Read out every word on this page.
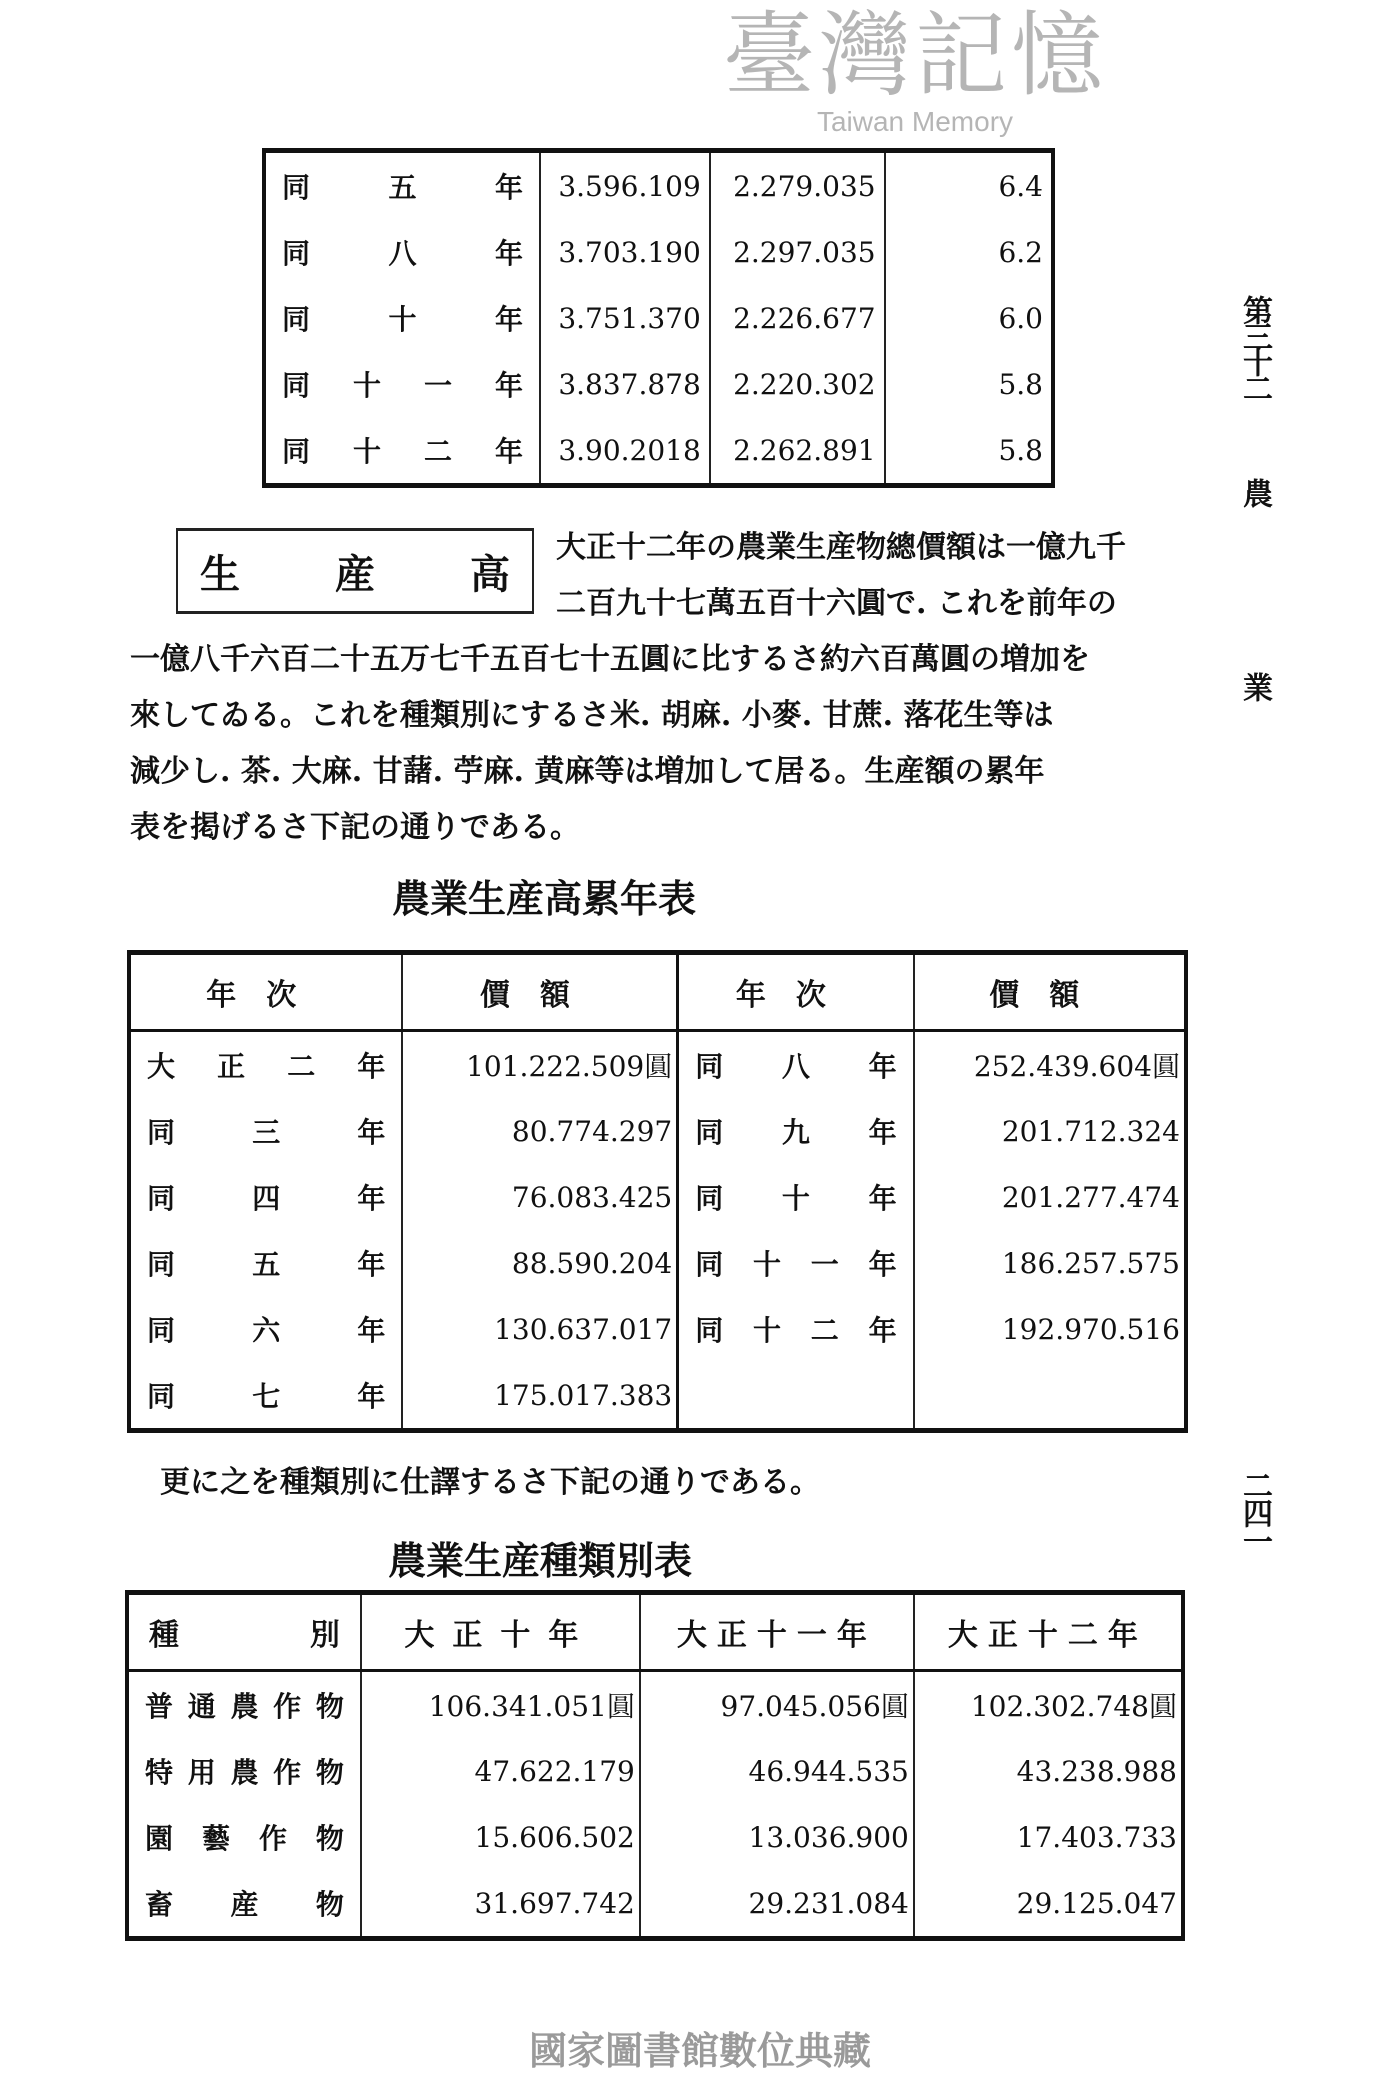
第三十二
農
業
二四一
臺灣記憶
Taiwan Memory
同 五 年	3.596.109	2.279.035	6.4

同 八 年	3.703.190	2.297.035	6.2

同 十 年	3.751.370	2.226.677	6.0

同 十 一 年	3.837.878	2.220.302	5.8

同 十 二 年	3.90.2018	2.262.891	5.8
生 産 高
大正十二年の農業生産物總價額は一億九千
二百九十七萬五百十六圓で. これを前年の
一億八千六百二十五万七千五百七十五圓に比するさ約六百萬圓の増加を
來してゐる。これを種類別にするさ米. 胡麻. 小麥. 甘蔗. 落花生等は
減少し. 茶. 大麻. 甘藷. 苧麻. 黄麻等は増加して居る。生産額の累年
表を掲げるさ下記の通りである。
農業生産高累年表
年次	價額	年次	價額

大 正 二 年	101.222.509圓	同 八 年	252.439.604圓

同 三 年	80.774.297	同 九 年	201.712.324

同 四 年	76.083.425	同 十 年	201.277.474

同 五 年	88.590.204	同 十 一 年	186.257.575

同 六 年	130.637.017	同 十 二 年	192.970.516

同 七 年	175.017.383	

更に之を種類別に仕譯するさ下記の通りである。
農業生産種類別表
種別	大正十年	大正十一年	大正十二年

普 通 農 作 物	106.341.051圓	97.045.056圓	102.302.748圓

特 用 農 作 物	47.622.179	46.944.535	43.238.988

園 藝 作 物	15.606.502	13.036.900	17.403.733

畜 産 物	31.697.742	29.231.084	29.125.047
國家圖書館數位典藏
